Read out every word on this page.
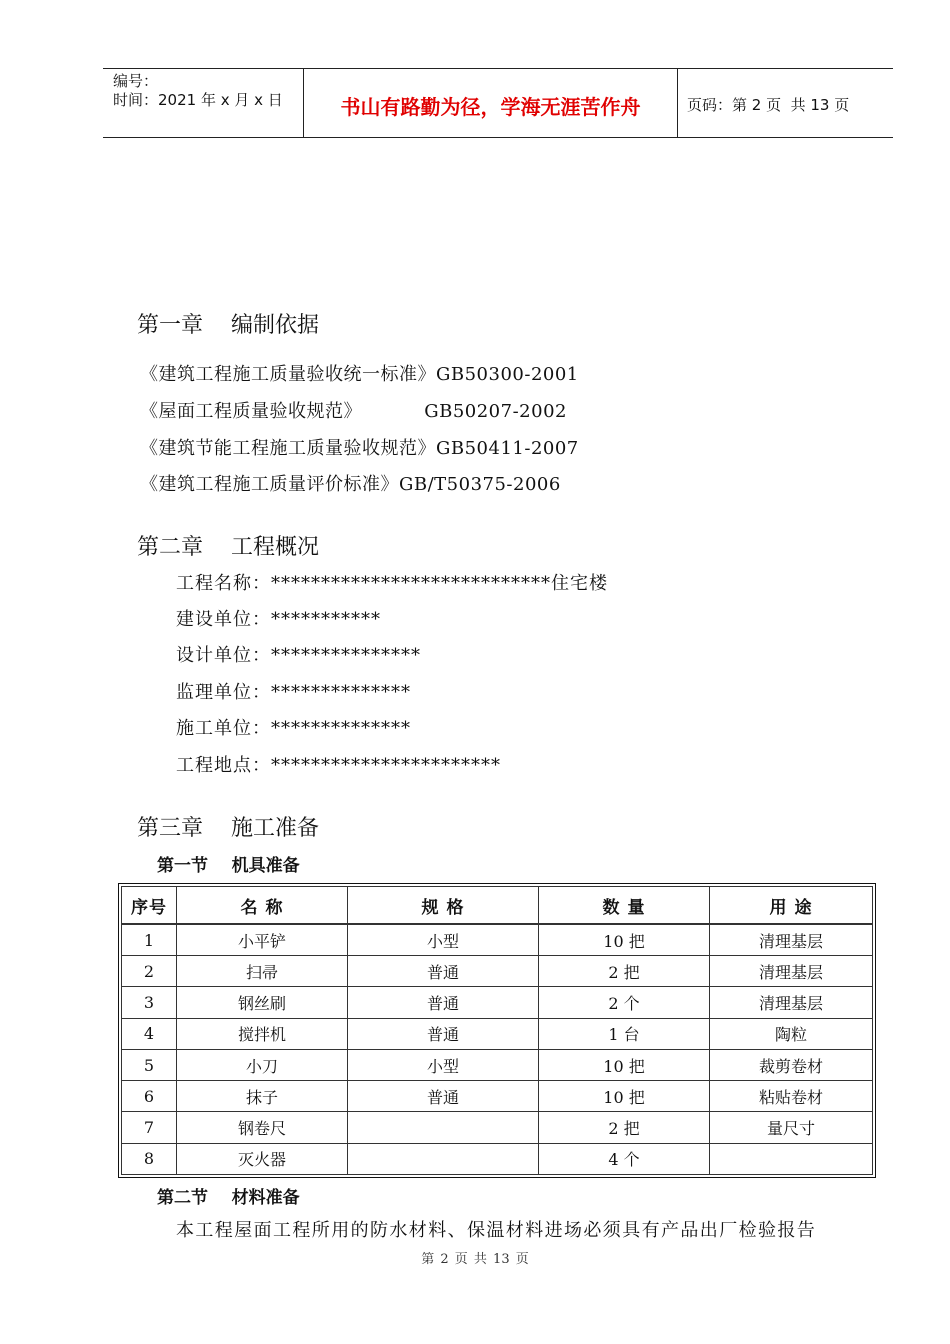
编号：
时间：2021 年 x 月 x 日	书山有路勤为径，学海无涯苦作舟	页码：第 2 页  共 13 页
第一章    编制依据
《建筑工程施工质量验收统一标准》GB50300-2001
《屋面工程质量验收规范》          GB50207-2002
《建筑节能工程施工质量验收规范》GB50411-2007
《建筑工程施工质量评价标准》GB/T50375-2006
第二章    工程概况
工程名称：****************************住宅楼
建设单位：***********
设计单位：***************
监理单位：**************
施工单位：**************
工程地点：***********************
第三章    施工准备
第一节    机具准备
序号	名 称	规 格	数 量	用 途
1	小平铲	小型	10 把	清理基层
2	扫帚	普通	2 把	清理基层
3	钢丝刷	普通	2 个	清理基层
4	搅拌机	普通	1 台	陶粒
5	小刀	小型	10 把	裁剪卷材
6	抹子	普通	10 把	粘贴卷材
7	钢卷尺		2 把	量尺寸
8	灭火器		4 个	
第二节    材料准备
本工程屋面工程所用的防水材料、保温材料进场必须具有产品出厂检验报告
第 2 页 共 13 页
